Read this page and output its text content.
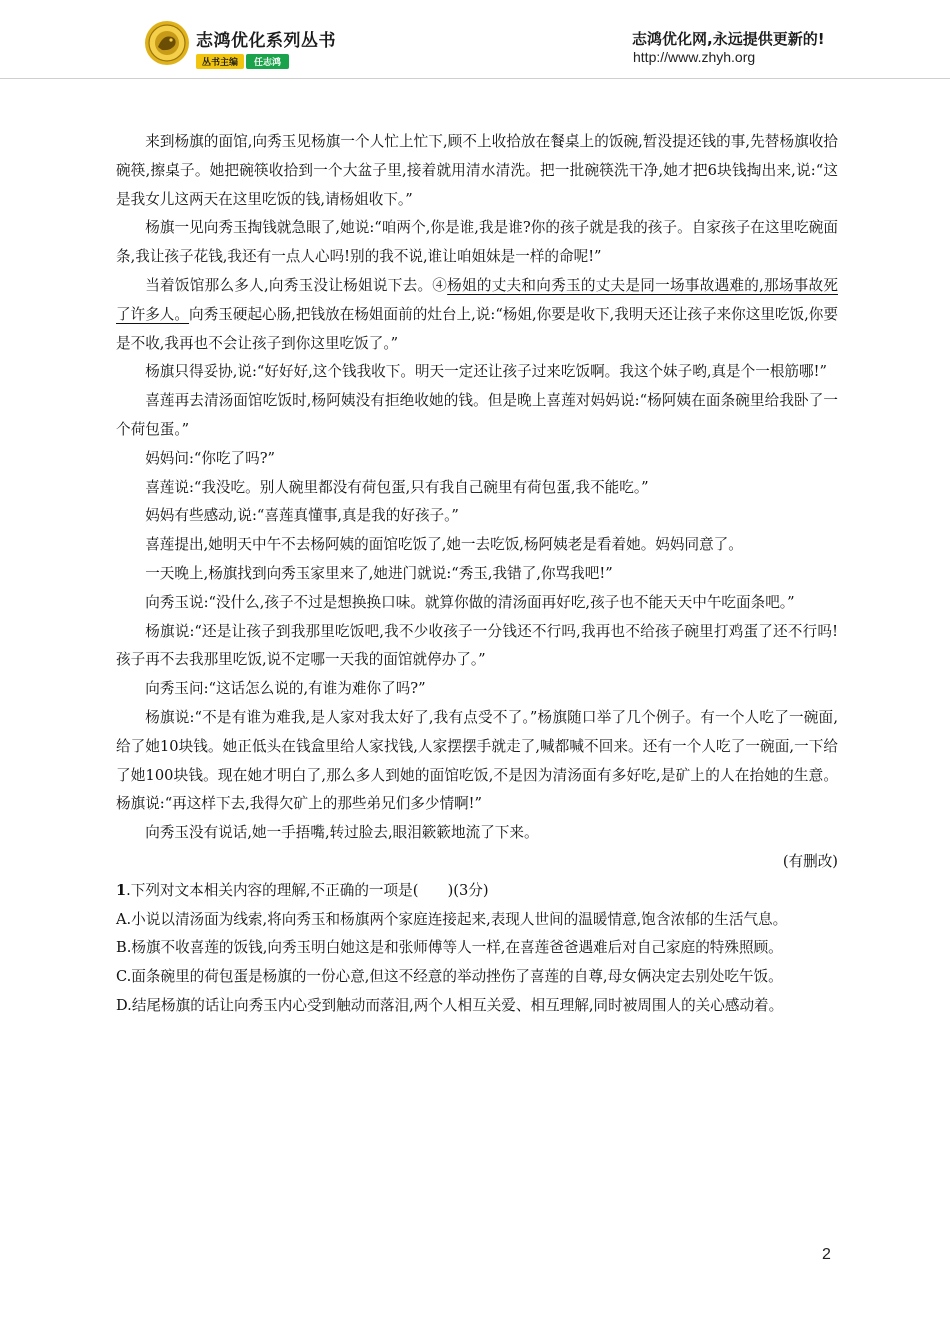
志鸿优化系列丛书
丛书主编 任志鸿
志鸿优化网,永远提供更新的!
http://www.zhyh.org

来到杨旗的面馆,向秀玉见杨旗一个人忙上忙下,顾不上收拾放在餐桌上的饭碗,暂没提还钱的事,先替杨旗收拾碗筷,擦桌子。她把碗筷收拾到一个大盆子里,接着就用清水清洗。把一批碗筷洗干净,她才把6块钱掏出来,说:“这是我女儿这两天在这里吃饭的钱,请杨姐收下。”

杨旗一见向秀玉掏钱就急眼了,她说:“咱两个,你是谁,我是谁?你的孩子就是我的孩子。自家孩子在这里吃碗面条,我让孩子花钱,我还有一点人心吗!别的我不说,谁让咱姐妹是一样的命呢!”

当着饭馆那么多人,向秀玉没让杨姐说下去。④杨姐的丈夫和向秀玉的丈夫是同一场事故遇难的,那场事故死了许多人。向秀玉硬起心肠,把钱放在杨姐面前的灶台上,说:“杨姐,你要是收下,我明天还让孩子来你这里吃饭,你要是不收,我再也不会让孩子到你这里吃饭了。”

杨旗只得妥协,说:“好好好,这个钱我收下。明天一定还让孩子过来吃饭啊。我这个妹子哟,真是个一根筋哪!”

喜莲再去清汤面馆吃饭时,杨阿姨没有拒绝收她的钱。但是晚上喜莲对妈妈说:“杨阿姨在面条碗里给我卧了一个荷包蛋。”

妈妈问:“你吃了吗?”

喜莲说:“我没吃。别人碗里都没有荷包蛋,只有我自己碗里有荷包蛋,我不能吃。”

妈妈有些感动,说:“喜莲真懂事,真是我的好孩子。”

喜莲提出,她明天中午不去杨阿姨的面馆吃饭了,她一去吃饭,杨阿姨老是看着她。妈妈同意了。

一天晚上,杨旗找到向秀玉家里来了,她进门就说:“秀玉,我错了,你骂我吧!”

向秀玉说:“没什么,孩子不过是想换换口味。就算你做的清汤面再好吃,孩子也不能天天中午吃面条吧。”

杨旗说:“还是让孩子到我那里吃饭吧,我不少收孩子一分钱还不行吗,我再也不给孩子碗里打鸡蛋了还不行吗!孩子再不去我那里吃饭,说不定哪一天我的面馆就停办了。”

向秀玉问:“这话怎么说的,有谁为难你了吗?”

杨旗说:“不是有谁为难我,是人家对我太好了,我有点受不了。”杨旗随口举了几个例子。有一个人吃了一碗面,给了她10块钱。她正低头在钱盒里给人家找钱,人家摆摆手就走了,喊都喊不回来。还有一个人吃了一碗面,一下给了她100块钱。现在她才明白了,那么多人到她的面馆吃饭,不是因为清汤面有多好吃,是矿上的人在抬她的生意。杨旗说:“再这样下去,我得欠矿上的那些弟兄们多少情啊!”

向秀玉没有说话,她一手捂嘴,转过脸去,眼泪簌簌地流了下来。

(有删改)

1.下列对文本相关内容的理解,不正确的一项是(　　)(3分)

A.小说以清汤面为线索,将向秀玉和杨旗两个家庭连接起来,表现人世间的温暖情意,饱含浓郁的生活气息。

B.杨旗不收喜莲的饭钱,向秀玉明白她这是和张师傅等人一样,在喜莲爸爸遇难后对自己家庭的特殊照顾。

C.面条碗里的荷包蛋是杨旗的一份心意,但这不经意的举动挫伤了喜莲的自尊,母女俩决定去别处吃午饭。

D.结尾杨旗的话让向秀玉内心受到触动而落泪,两个人相互关爱、相互理解,同时被周围人的关心感动着。

2
